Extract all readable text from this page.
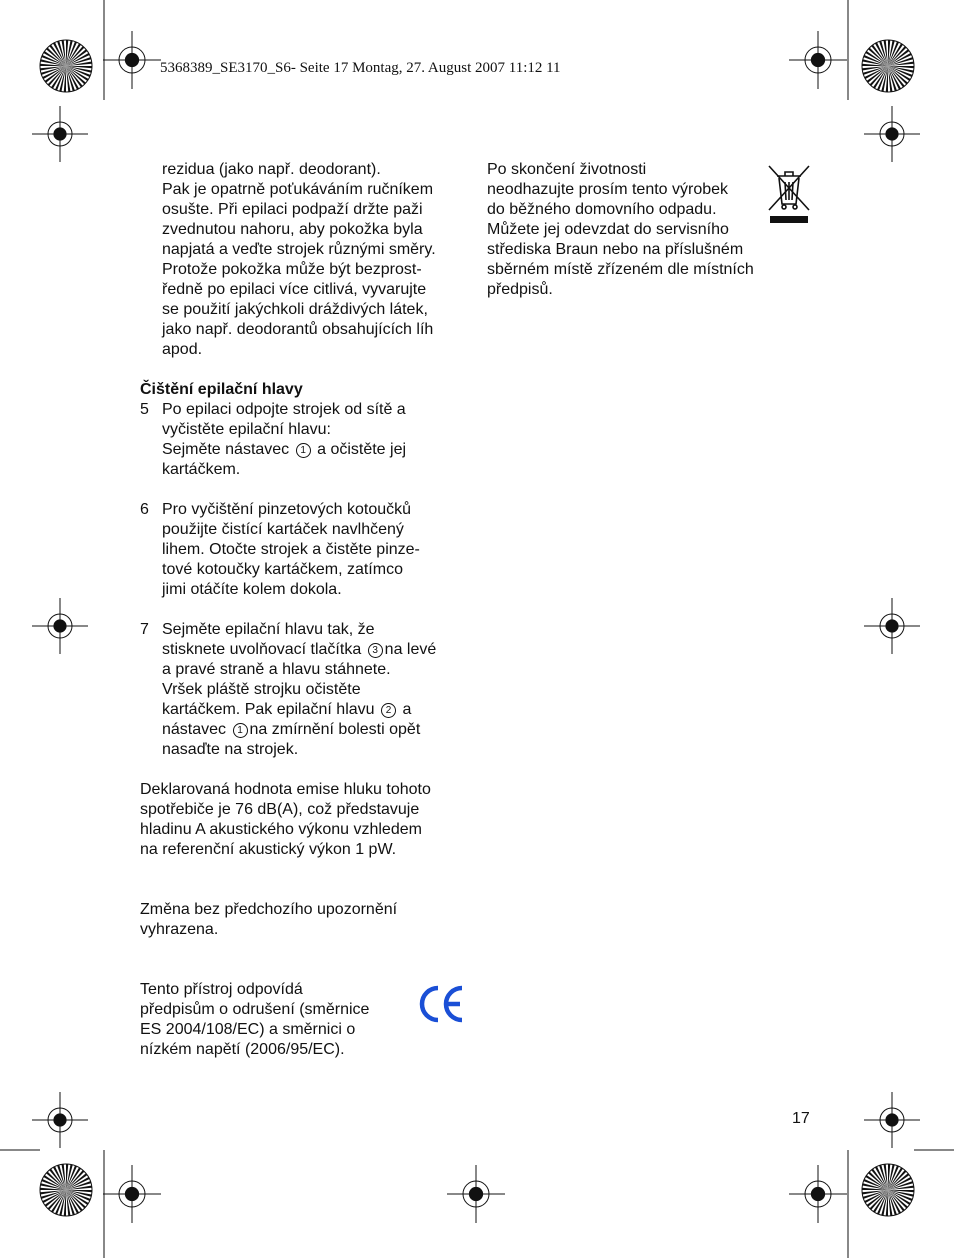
5368389_SE3170_S6- Seite 17 Montag, 27. August 2007 11:12 11

rezidua (jako např. deodorant).

Pak je opatrně poťukáváním ručníkem

osušte. Při epilaci podpaží držte paži

zvednutou nahoru, aby pokožka byla

napjatá a veďte strojek různými směry.

Protože pokožka může být bezprost-

ředně po epilaci více citlivá, vyvarujte

se použití jakýchkoli dráždivých látek,

jako např. deodorantů obsahujících líh

apod.

Čištění epilační hlavy

5 Po epilaci odpojte strojek od sítě a

vyčistěte epilační hlavu:

Sejměte nástavec 1 a očistěte jej

kartáčkem.

6 Pro vyčištění pinzetových kotoučků

použijte čistící kartáček navlhčený

lihem. Otočte strojek a čistěte pinze-

tové kotoučky kartáčkem, zatímco

jimi otáčíte kolem dokola.

7 Sejměte epilační hlavu tak, že

stisknete uvolňovací tlačítka 3 na levé

a pravé straně a hlavu stáhnete.

Vršek pláště strojku očistěte

kartáčkem. Pak epilační hlavu 2 a

nástavec 1 na zmírnění bolesti opět

nasaďte na strojek.

Deklarovaná hodnota emise hluku tohoto

spotřebiče je 76 dB(A), což představuje

hladinu A akustického výkonu vzhledem

na referenční akustický výkon 1 pW.

Změna bez předchozího upozornění

vyhrazena.

Tento přístroj odpovídá

předpisům o odrušení (směrnice

ES 2004/108/EC) a směrnici o

nízkém napětí (2006/95/EC).

Po skončení životnosti

neodhazujte prosím tento výrobek

do běžného domovního odpadu.

Můžete jej odevzdat do servisního

střediska Braun nebo na příslušném

sběrném místě zřízeném dle místních

předpisů.

17
